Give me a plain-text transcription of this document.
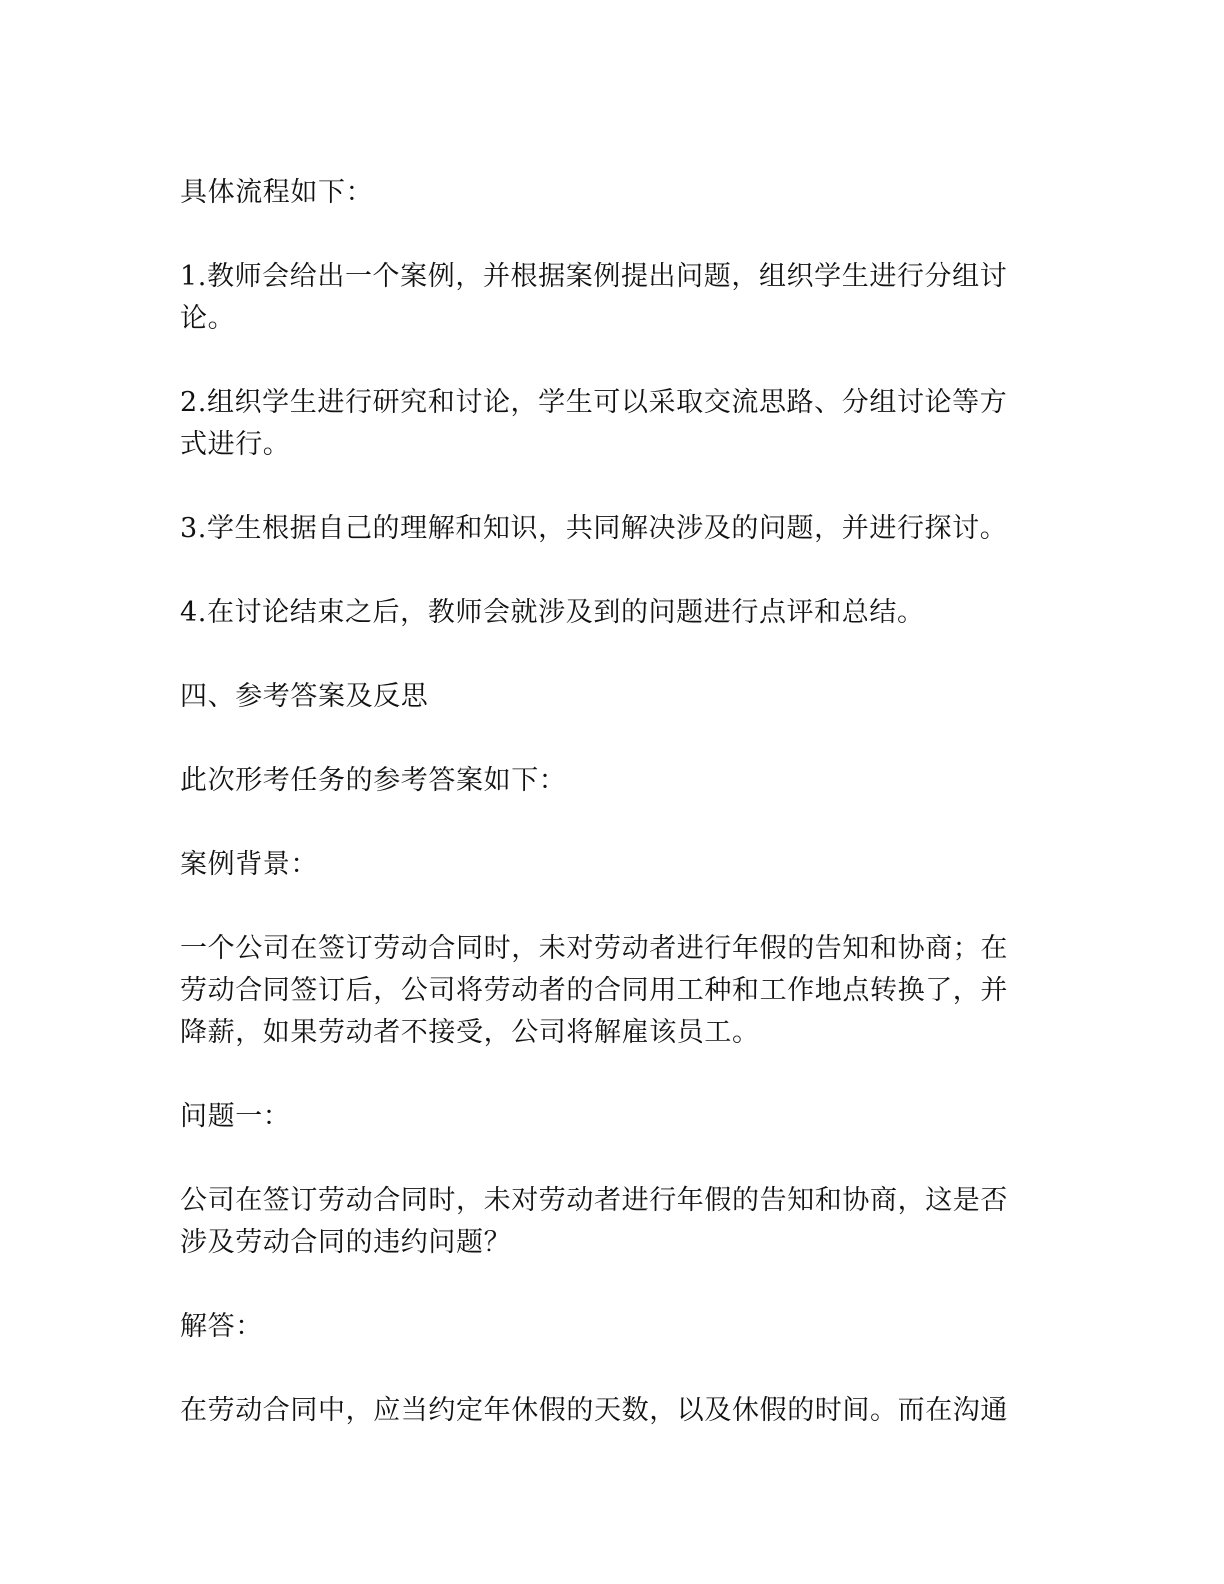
具体流程如下：

1.教师会给出一个案例，并根据案例提出问题，组织学生进行分组讨论。

2.组织学生进行研究和讨论，学生可以采取交流思路、分组讨论等方式进行。

3.学生根据自己的理解和知识，共同解决涉及的问题，并进行探讨。

4.在讨论结束之后，教师会就涉及到的问题进行点评和总结。

四、参考答案及反思

此次形考任务的参考答案如下：

案例背景：

一个公司在签订劳动合同时，未对劳动者进行年假的告知和协商；在劳动合同签订后，公司将劳动者的合同用工种和工作地点转换了，并降薪，如果劳动者不接受，公司将解雇该员工。

问题一：

公司在签订劳动合同时，未对劳动者进行年假的告知和协商，这是否涉及劳动合同的违约问题？

解答：

在劳动合同中，应当约定年休假的天数，以及休假的时间。而在沟通
